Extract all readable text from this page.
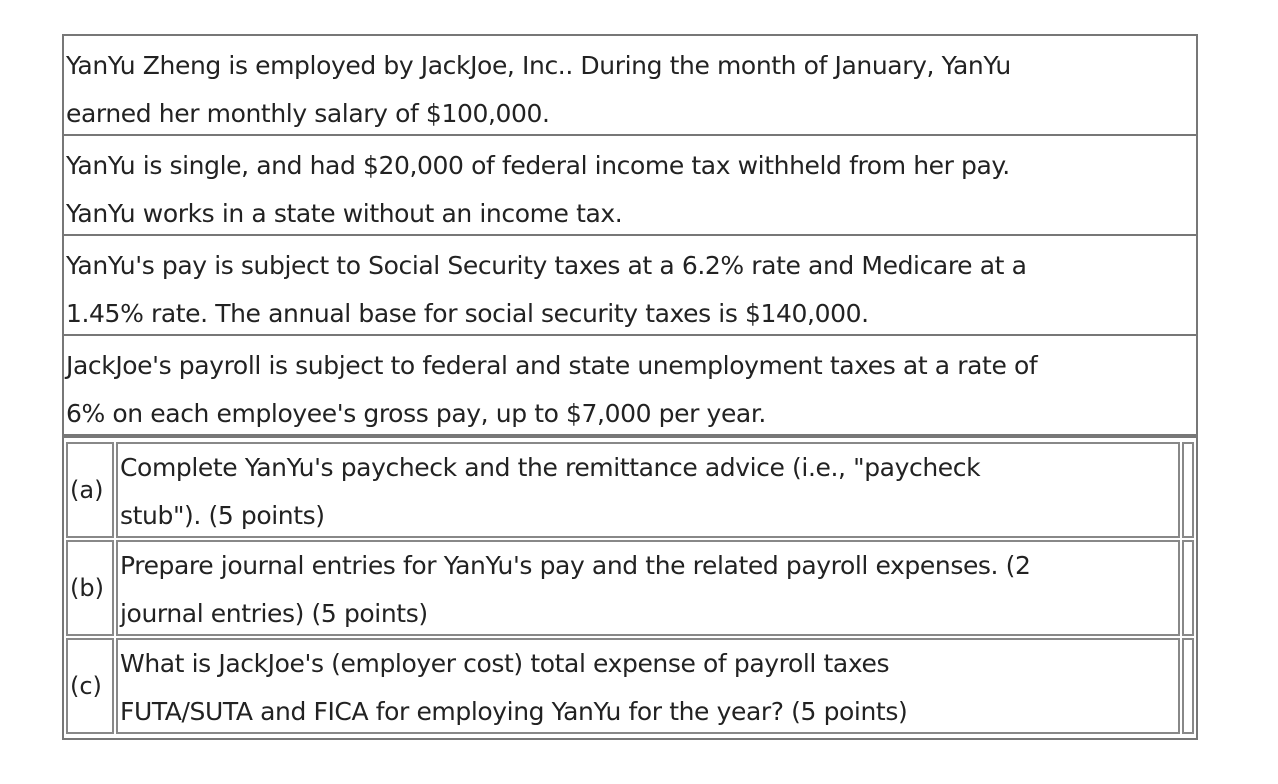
YanYu Zheng is employed by JackJoe, Inc.. During the month of January, YanYu
earned her monthly salary of $100,000.
YanYu is single, and had $20,000 of federal income tax withheld from her pay.
YanYu works in a state without an income tax.
YanYu's pay is subject to Social Security taxes at a 6.2% rate and Medicare at a
1.45% rate. The annual base for social security taxes is $140,000.
JackJoe's payroll is subject to federal and state unemployment taxes at a rate of
6% on each employee's gross pay, up to $7,000 per year.
(a)
Complete YanYu's paycheck and the remittance advice (i.e., "paycheck
stub"). (5 points)
(b)
Prepare journal entries for YanYu's pay and the related payroll expenses. (2
journal entries) (5 points)
(c)
What is JackJoe's (employer cost) total expense of payroll taxes
FUTA/SUTA and FICA for employing YanYu for the year? (5 points)
